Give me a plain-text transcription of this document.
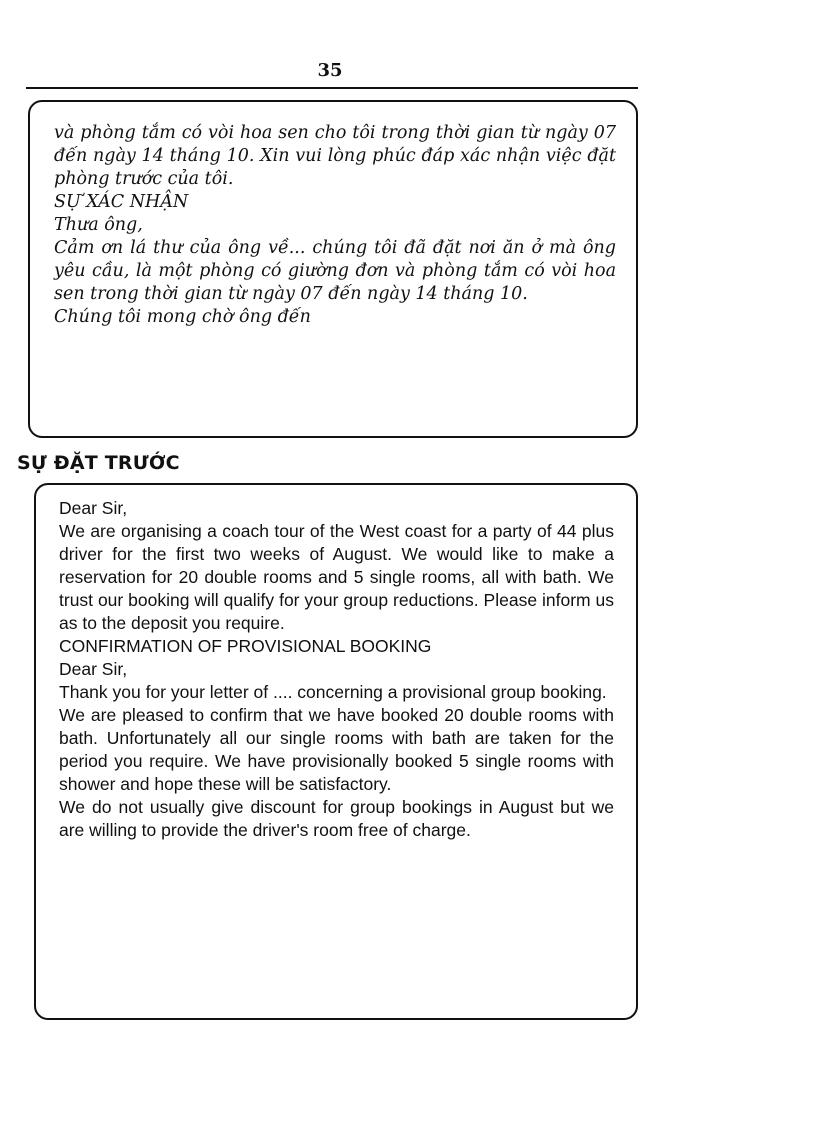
35

và phòng tắm có vòi hoa sen cho tôi trong thời gian từ ngày 07 đến ngày 14 tháng 10. Xin vui lòng phúc đáp xác nhận việc đặt phòng trước của tôi.

SỰ XÁC NHẬN

Thưa ông,

Cảm ơn lá thư của ông về... chúng tôi đã đặt nơi ăn ở mà ông yêu cầu, là một phòng có giường đơn và phòng tắm có vòi hoa sen trong thời gian từ ngày 07 đến ngày 14 tháng 10.

Chúng tôi mong chờ ông đến

SỰ ĐẶT TRƯỚC

Dear Sir,

We are organising a coach tour of the West coast for a party of 44 plus driver for the first two weeks of August. We would like to make a reservation for 20 double rooms and 5 single rooms, all with bath. We trust our booking will qualify for your group reductions. Please inform us as to the deposit you require.

CONFIRMATION OF PROVISIONAL BOOKING

Dear Sir,

Thank you for your letter of .... concerning a provisional group booking.

We are pleased to confirm that we have booked 20 double rooms with bath. Unfortunately all our single rooms with bath are taken for the period you require. We have provisionally booked 5 single rooms with shower and hope these will be satisfactory.

We do not usually give discount for group bookings in August but we are willing to provide the driver's room free of charge.
